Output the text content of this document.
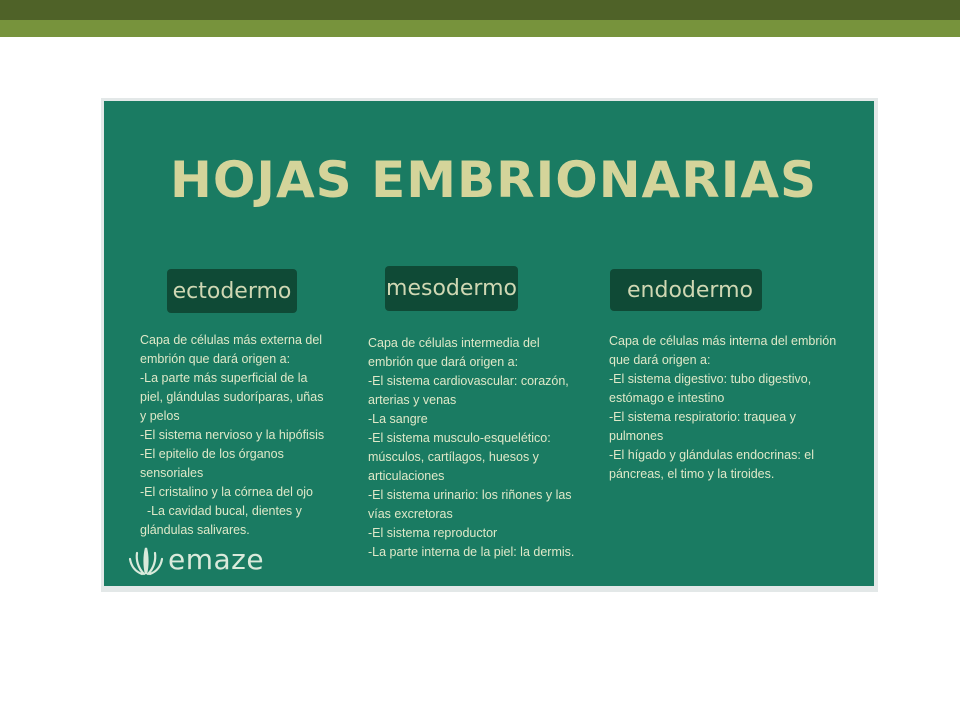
HOJAS EMBRIONARIAS
ectodermo	mesodermo	endodermo
Capa de células más externa del
embrión que dará origen a:
-La parte más superficial de la
piel, glándulas sudoríparas, uñas
y pelos
-El sistema nervioso y la hipófisis
-El epitelio de los órganos
sensoriales
-El cristalino y la córnea del ojo
-La cavidad bucal, dientes y
glándulas salivares.
Capa de células intermedia del
embrión que dará origen a:
-El sistema cardiovascular: corazón,
arterias y venas
-La sangre
-El sistema musculo-esquelético:
músculos, cartílagos, huesos y
articulaciones
-El sistema urinario: los riñones y las
vías excretoras
-El sistema reproductor
-La parte interna de la piel: la dermis.
Capa de células más interna del embrión
que dará origen a:
-El sistema digestivo: tubo digestivo,
estómago e intestino
-El sistema respiratorio: traquea y
pulmones
-El hígado y glándulas endocrinas: el
páncreas, el timo y la tiroides.
emaze
